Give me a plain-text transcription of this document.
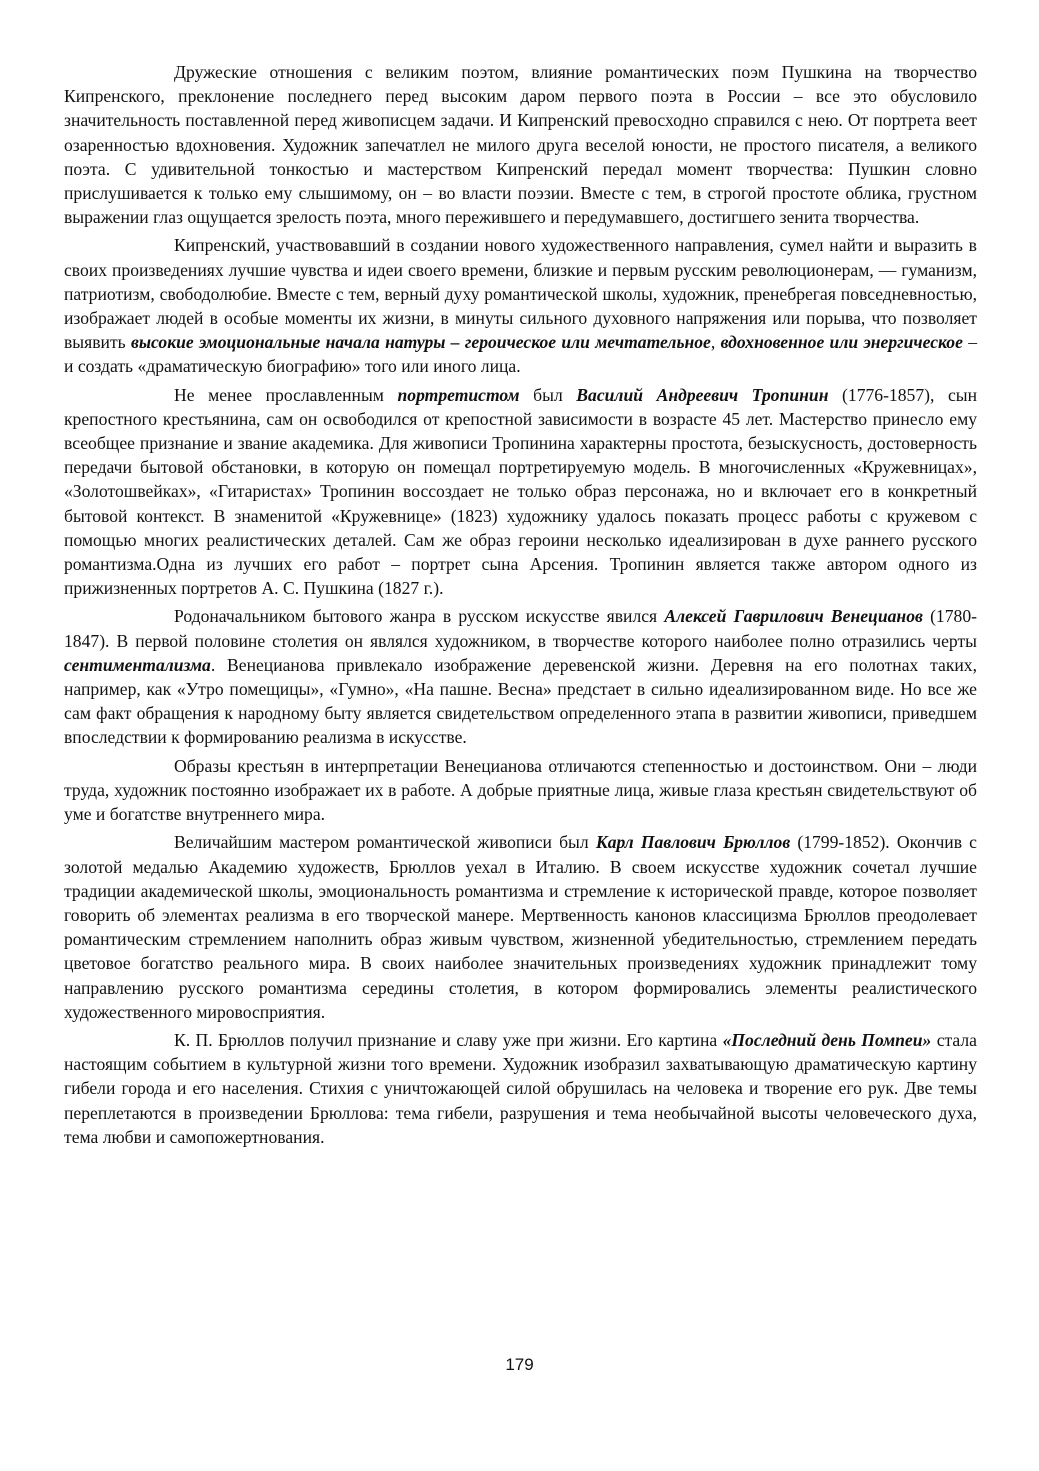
Дружеские отношения с великим поэтом, влияние романтических поэм Пушкина на творчество Кипренского, преклонение последнего перед высоким даром первого поэта в России – все это обусловило значительность поставленной перед живописцем задачи. И Кипренский превосходно справился с нею. От портрета веет озаренностью вдохновения. Художник запечатлел не милого друга веселой юности, не простого писателя, а великого поэта. С удивительной тонкостью и мастерством Кипренский передал момент творчества: Пушкин словно прислушивается к только ему слышимому, он – во власти поэзии. Вместе с тем, в строгой простоте облика, грустном выражении глаз ощущается зрелость поэта, много пережившего и передумавшего, достигшего зенита творчества.

Кипренский, участвовавший в создании нового художественного направления, сумел найти и выразить в своих произведениях лучшие чувства и идеи своего времени, близкие и первым русским революционерам, — гуманизм, патриотизм, свободолюбие. Вместе с тем, верный духу романтической школы, художник, пренебрегая повседневностью, изображает людей в особые моменты их жизни, в минуты сильного духовного напряжения или порыва, что позволяет выявить высокие эмоциональные начала натуры – героическое или мечтательное, вдохновенное или энергическое – и создать «драматическую биографию» того или иного лица.

Не менее прославленным портретистом был Василий Андреевич Тропинин (1776-1857), сын крепостного крестьянина, сам он освободился от крепостной зависимости в возрасте 45 лет. Мастерство принесло ему всеобщее признание и звание академика. Для живописи Тропинина характерны простота, безыскусность, достоверность передачи бытовой обстановки, в которую он помещал портретируемую модель. В многочисленных «Кружевницах», «Золотошвейках», «Гитаристах» Тропинин воссоздает не только образ персонажа, но и включает его в конкретный бытовой контекст. В знаменитой «Кружевнице» (1823) художнику удалось показать процесс работы с кружевом с помощью многих реалистических деталей. Сам же образ героини несколько идеализирован в духе раннего русского романтизма.Одна из лучших его работ – портрет сына Арсения. Тропинин является также автором одного из прижизненных портретов А. С. Пушкина (1827 г.).

Родоначальником бытового жанра в русском искусстве явился Алексей Гаврилович Венецианов (1780-1847). В первой половине столетия он являлся художником, в творчестве которого наиболее полно отразились черты сентиментализма. Венецианова привлекало изображение деревенской жизни. Деревня на его полотнах таких, например, как «Утро помещицы», «Гумно», «На пашне. Весна» предстает в сильно идеализированном виде. Но все же сам факт обращения к народному быту является свидетельством определенного этапа в развитии живописи, приведшем впоследствии к формированию реализма в искусстве.

Образы крестьян в интерпретации Венецианова отличаются степенностью и достоинством. Они – люди труда, художник постоянно изображает их в работе. А добрые приятные лица, живые глаза крестьян свидетельствуют об уме и богатстве внутреннего мира.

Величайшим мастером романтической живописи был Карл Павлович Брюллов (1799-1852). Окончив с золотой медалью Академию художеств, Брюллов уехал в Италию. В своем искусстве художник сочетал лучшие традиции академической школы, эмоциональность романтизма и стремление к исторической правде, которое позволяет говорить об элементах реализма в его творческой манере. Мертвенность канонов классицизма Брюллов преодолевает романтическим стремлением наполнить образ живым чувством, жизненной убедительностью, стремлением передать цветовое богатство реального мира. В своих наиболее значительных произведениях художник принадлежит тому направлению русского романтизма середины столетия, в котором формировались элементы реалистического художественного мировосприятия.

К. П. Брюллов получил признание и славу уже при жизни. Его картина «Последний день Помпеи» стала настоящим событием в культурной жизни того времени. Художник изобразил захватывающую драматическую картину гибели города и его населения. Стихия с уничтожающей силой обрушилась на человека и творение его рук. Две темы переплетаются в произведении Брюллова: тема гибели, разрушения и тема необычайной высоты человеческого духа, тема любви и самопожертнования.

179
